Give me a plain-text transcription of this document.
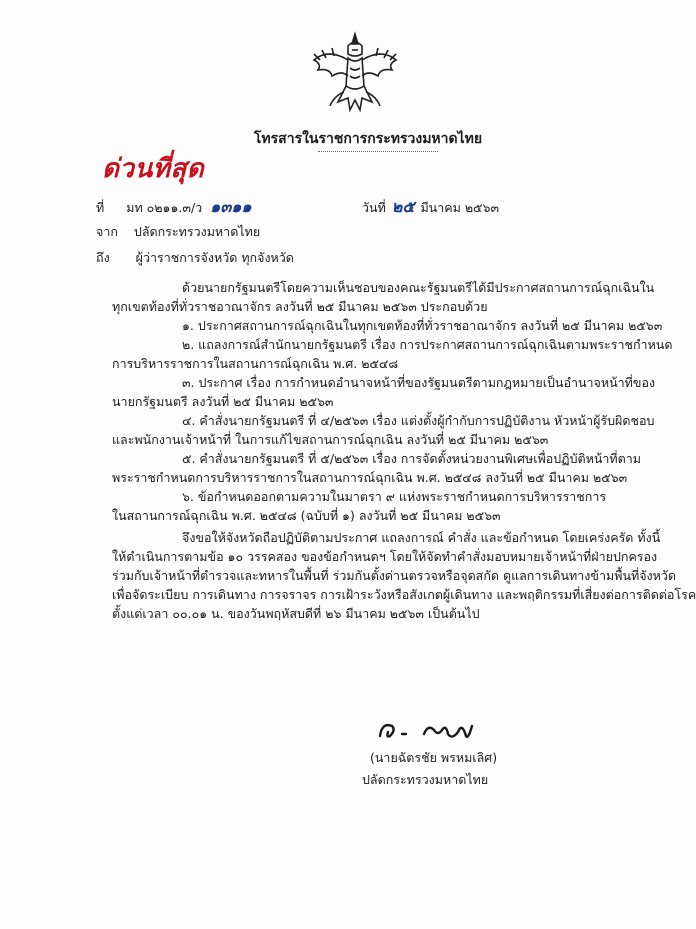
โทรสารในราชการกระทรวงมหาดไทย
ด่วนที่สุด
ที่ มท ๐๒๑๑.๓/ว ๑๓๑๑	วันที่ ๒๕ มีนาคม ๒๕๖๓
จาก ปลัดกระทรวงมหาดไทย
ถึง ผู้ว่าราชการจังหวัด ทุกจังหวัด

ด้วยนายกรัฐมนตรีโดยความเห็นชอบของคณะรัฐมนตรีได้มีประกาศสถานการณ์ฉุกเฉินใน

ทุกเขตท้องที่ทั่วราชอาณาจักร ลงวันที่ ๒๕ มีนาคม ๒๕๖๓ ประกอบด้วย

๑. ประกาศสถานการณ์ฉุกเฉินในทุกเขตท้องที่ทั่วราชอาณาจักร ลงวันที่ ๒๕ มีนาคม ๒๕๖๓

๒. แถลงการณ์สำนักนายกรัฐมนตรี เรื่อง การประกาศสถานการณ์ฉุกเฉินตามพระราชกำหนด

การบริหารราชการในสถานการณ์ฉุกเฉิน พ.ศ. ๒๕๔๘

๓. ประกาศ เรื่อง การกำหนดอำนาจหน้าที่ของรัฐมนตรีตามกฎหมายเป็นอำนาจหน้าที่ของ

นายกรัฐมนตรี ลงวันที่ ๒๕ มีนาคม ๒๕๖๓

๔. คำสั่งนายกรัฐมนตรี ที่ ๔/๒๕๖๓ เรื่อง แต่งตั้งผู้กำกับการปฏิบัติงาน หัวหน้าผู้รับผิดชอบ

และพนักงานเจ้าหน้าที่ ในการแก้ไขสถานการณ์ฉุกเฉิน ลงวันที่ ๒๕ มีนาคม ๒๕๖๓

๕. คำสั่งนายกรัฐมนตรี ที่ ๕/๒๕๖๓ เรื่อง การจัดตั้งหน่วยงานพิเศษเพื่อปฏิบัติหน้าที่ตาม

พระราชกำหนดการบริหารราชการในสถานการณ์ฉุกเฉิน พ.ศ. ๒๕๔๘ ลงวันที่ ๒๕ มีนาคม ๒๕๖๓

๖. ข้อกำหนดออกตามความในมาตรา ๙ แห่งพระราชกำหนดการบริหารราชการ

ในสถานการณ์ฉุกเฉิน พ.ศ. ๒๕๔๘ (ฉบับที่ ๑) ลงวันที่ ๒๕ มีนาคม ๒๕๖๓

จึงขอให้จังหวัดถือปฏิบัติตามประกาศ แถลงการณ์ คำสั่ง และข้อกำหนด โดยเคร่งครัด ทั้งนี้

ให้ดำเนินการตามข้อ ๑๐ วรรคสอง ของข้อกำหนดฯ โดยให้จัดทำคำสั่งมอบหมายเจ้าหน้าที่ฝ่ายปกครอง

ร่วมกับเจ้าหน้าที่ตำรวจและทหารในพื้นที่ ร่วมกันตั้งด่านตรวจหรือจุดสกัด ดูแลการเดินทางข้ามพื้นที่จังหวัด

เพื่อจัดระเบียบ การเดินทาง การจราจร การเฝ้าระวังหรือสังเกตผู้เดินทาง และพฤติกรรมที่เสี่ยงต่อการติดต่อโรค

ตั้งแต่เวลา ๐๐.๐๑ น. ของวันพฤหัสบดีที่ ๒๖ มีนาคม ๒๕๖๓ เป็นต้นไป

(นายฉัตรชัย พรหมเลิศ)
ปลัดกระทรวงมหาดไทย
